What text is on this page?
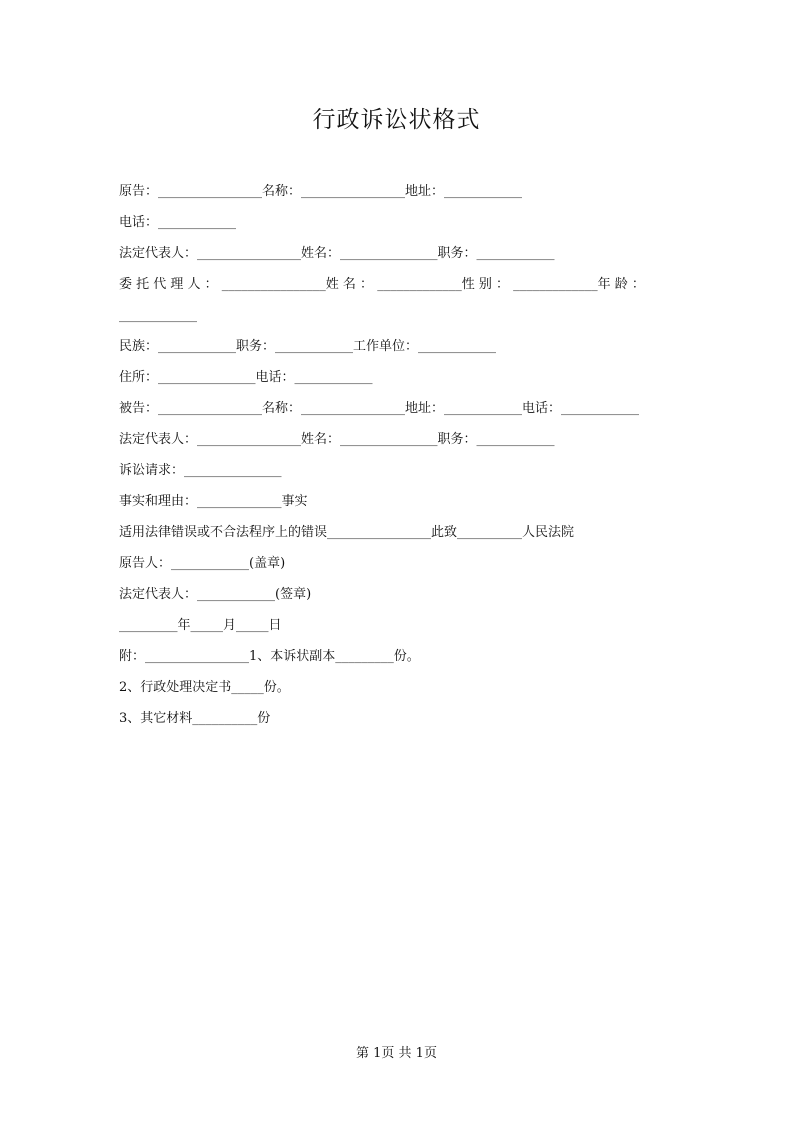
行政诉讼状格式

原告：________________名称：________________地址：____________

电话：____________

法定代表人：________________姓名：_______________职务：____________

委 托 代 理 人 ： ________________姓 名 ： _____________性 别 ： _____________年 龄 ：

____________

民族：____________职务：____________工作单位：____________

住所：_______________电话：____________

被告：________________名称：________________地址：____________电话：____________

法定代表人：________________姓名：_______________职务：____________

诉讼请求：_______________

事实和理由：_____________事实

适用法律错误或不合法程序上的错误________________此致__________人民法院

原告人：____________(盖章)

法定代表人：____________(签章)

_________年_____月_____日

附：________________1、本诉状副本_________份。

2、行政处理决定书_____份。

3、其它材料__________份

第 1页 共 1页
